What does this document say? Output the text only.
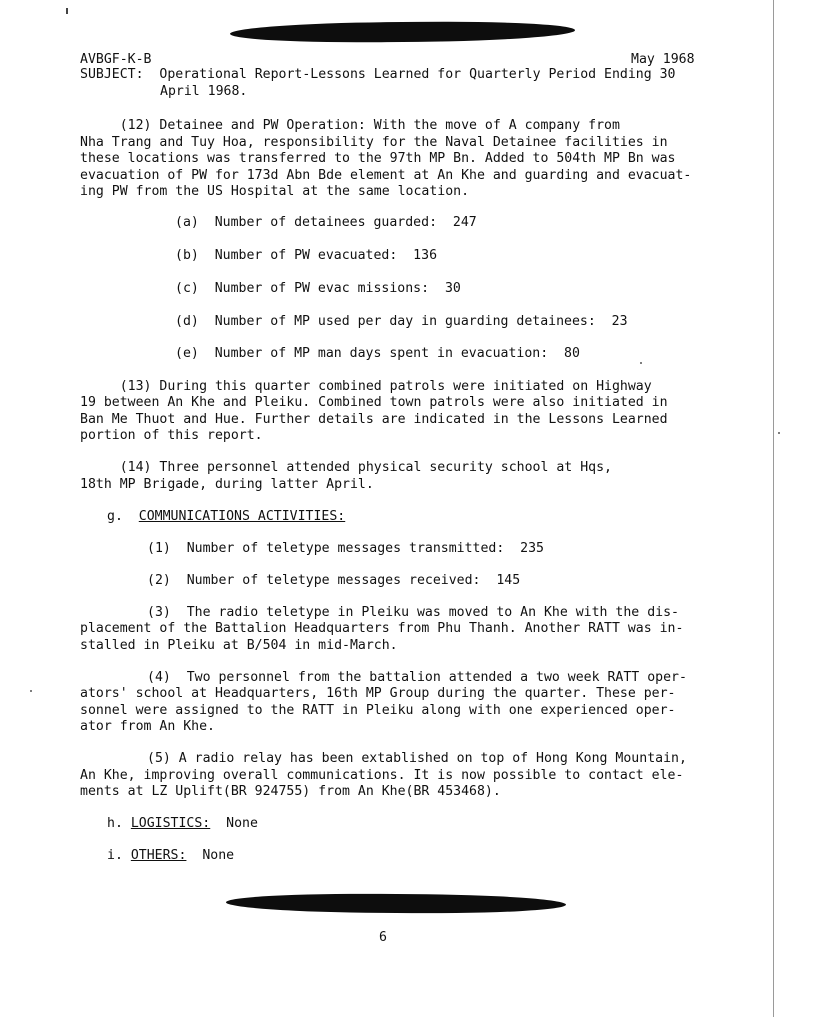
AVBGF-K-B	May 1968
SUBJECT: Operational Report-Lessons Learned for Quarterly Period Ending 30
April 1968.
(12) Detainee and PW Operation: With the move of A company from
Nha Trang and Tuy Hoa, responsibility for the Naval Detainee facilities in
these locations was transferred to the 97th MP Bn. Added to 504th MP Bn was
evacuation of PW for 173d Abn Bde element at An Khe and guarding and evacuat-
ing PW from the US Hospital at the same location.
(a)  Number of detainees guarded:  247
(b)  Number of PW evacuated:  136
(c)  Number of PW evac missions:  30
(d)  Number of MP used per day in guarding detainees:  23
(e)  Number of MP man days spent in evacuation:  80
(13) During this quarter combined patrols were initiated on Highway
19 between An Khe and Pleiku. Combined town patrols were also initiated in
Ban Me Thuot and Hue. Further details are indicated in the Lessons Learned
portion of this report.
(14) Three personnel attended physical security school at Hqs,
18th MP Brigade, during latter April.
g. COMMUNICATIONS ACTIVITIES:
(1)  Number of teletype messages transmitted:  235
(2)  Number of teletype messages received:  145
(3)  The radio teletype in Pleiku was moved to An Khe with the dis-
placement of the Battalion Headquarters from Phu Thanh. Another RATT was in-
stalled in Pleiku at B/504 in mid-March.
(4)  Two personnel from the battalion attended a two week RATT oper-
ators' school at Headquarters, 16th MP Group during the quarter. These per-
sonnel were assigned to the RATT in Pleiku along with one experienced oper-
ator from An Khe.
(5) A radio relay has been extablished on top of Hong Kong Mountain,
An Khe, improving overall communications. It is now possible to contact ele-
ments at LZ Uplift(BR 924755) from An Khe(BR 453468).
h. LOGISTICS: None
i. OTHERS: None
6
